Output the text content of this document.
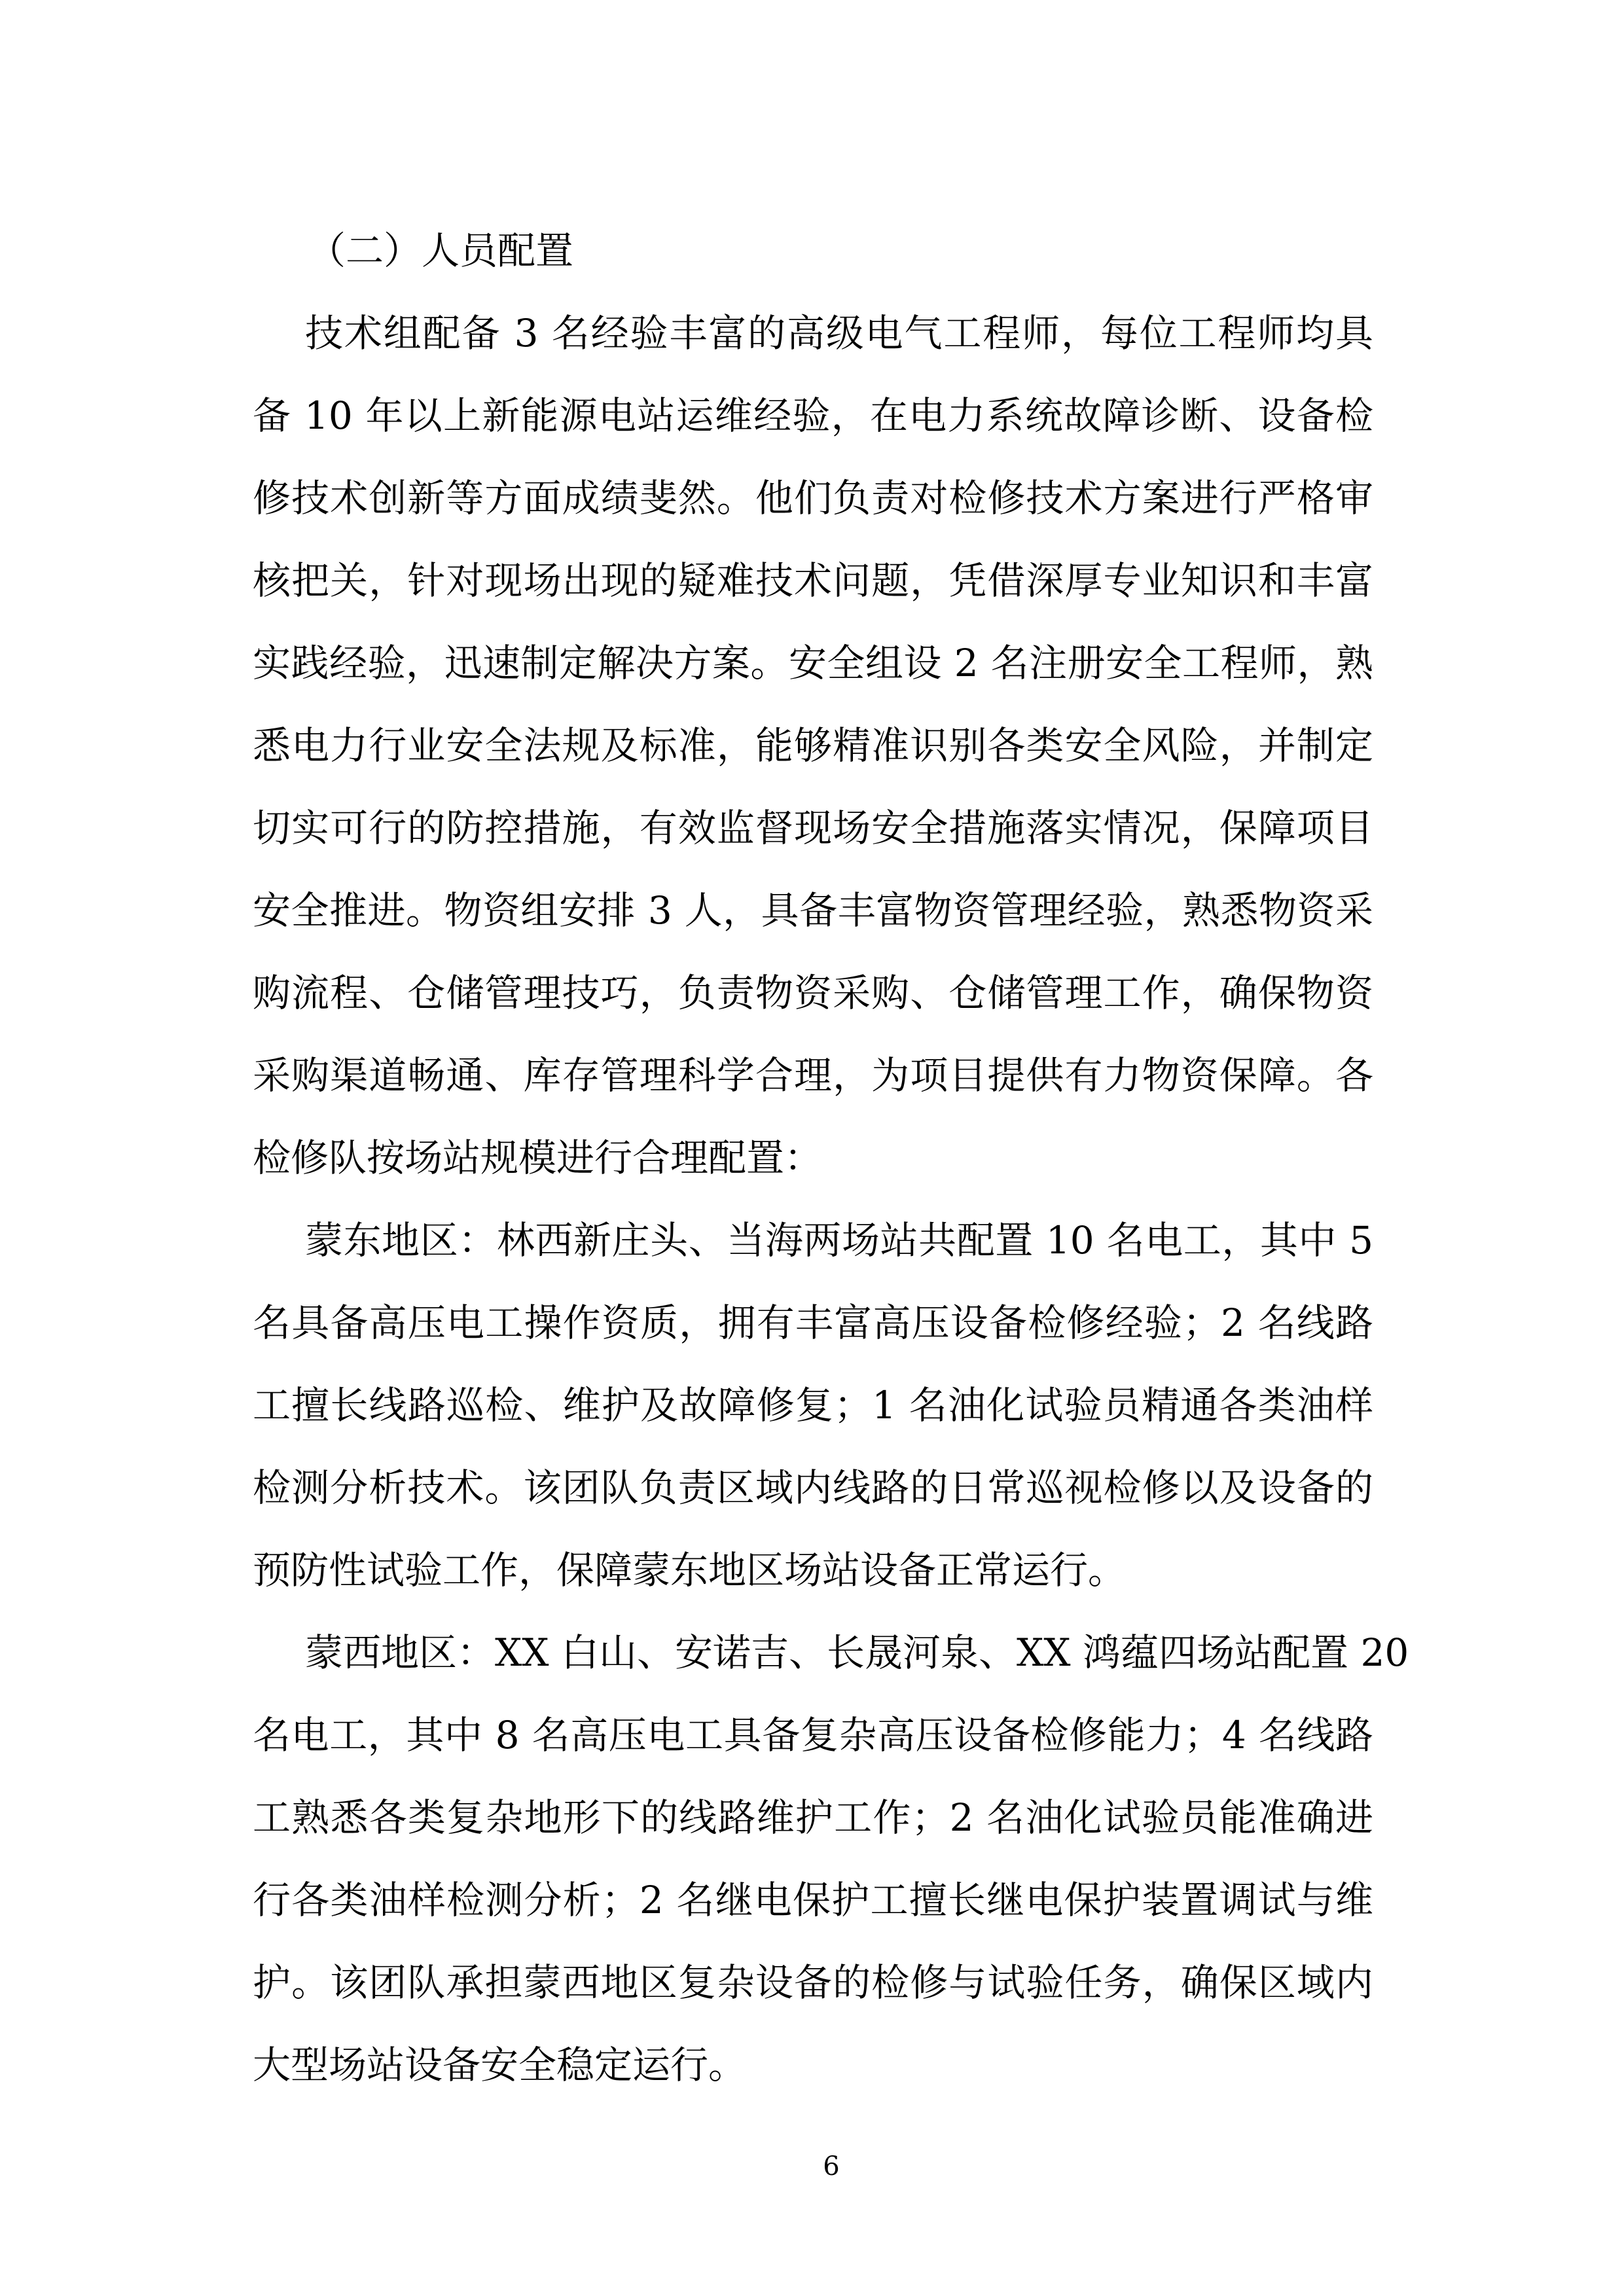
（二）人员配置
技术组配备 3 名经验丰富的高级电气工程师，每位工程师均具
备 10 年以上新能源电站运维经验，在电力系统故障诊断、设备检
修技术创新等方面成绩斐然。他们负责对检修技术方案进行严格审
核把关，针对现场出现的疑难技术问题，凭借深厚专业知识和丰富
实践经验，迅速制定解决方案。安全组设 2 名注册安全工程师，熟
悉电力行业安全法规及标准，能够精准识别各类安全风险，并制定
切实可行的防控措施，有效监督现场安全措施落实情况，保障项目
安全推进。物资组安排 3 人，具备丰富物资管理经验，熟悉物资采
购流程、仓储管理技巧，负责物资采购、仓储管理工作，确保物资
采购渠道畅通、库存管理科学合理，为项目提供有力物资保障。各
检修队按场站规模进行合理配置：
蒙东地区：林西新庄头、当海两场站共配置 10 名电工，其中 5
名具备高压电工操作资质，拥有丰富高压设备检修经验；2 名线路
工擅长线路巡检、维护及故障修复；1 名油化试验员精通各类油样
检测分析技术。该团队负责区域内线路的日常巡视检修以及设备的
预防性试验工作，保障蒙东地区场站设备正常运行。
蒙西地区：XX 白山、安诺吉、长晟河泉、XX 鸿蕴四场站配置 20
名电工，其中 8 名高压电工具备复杂高压设备检修能力；4 名线路
工熟悉各类复杂地形下的线路维护工作；2 名油化试验员能准确进
行各类油样检测分析；2 名继电保护工擅长继电保护装置调试与维
护。该团队承担蒙西地区复杂设备的检修与试验任务，确保区域内
大型场站设备安全稳定运行。
6
